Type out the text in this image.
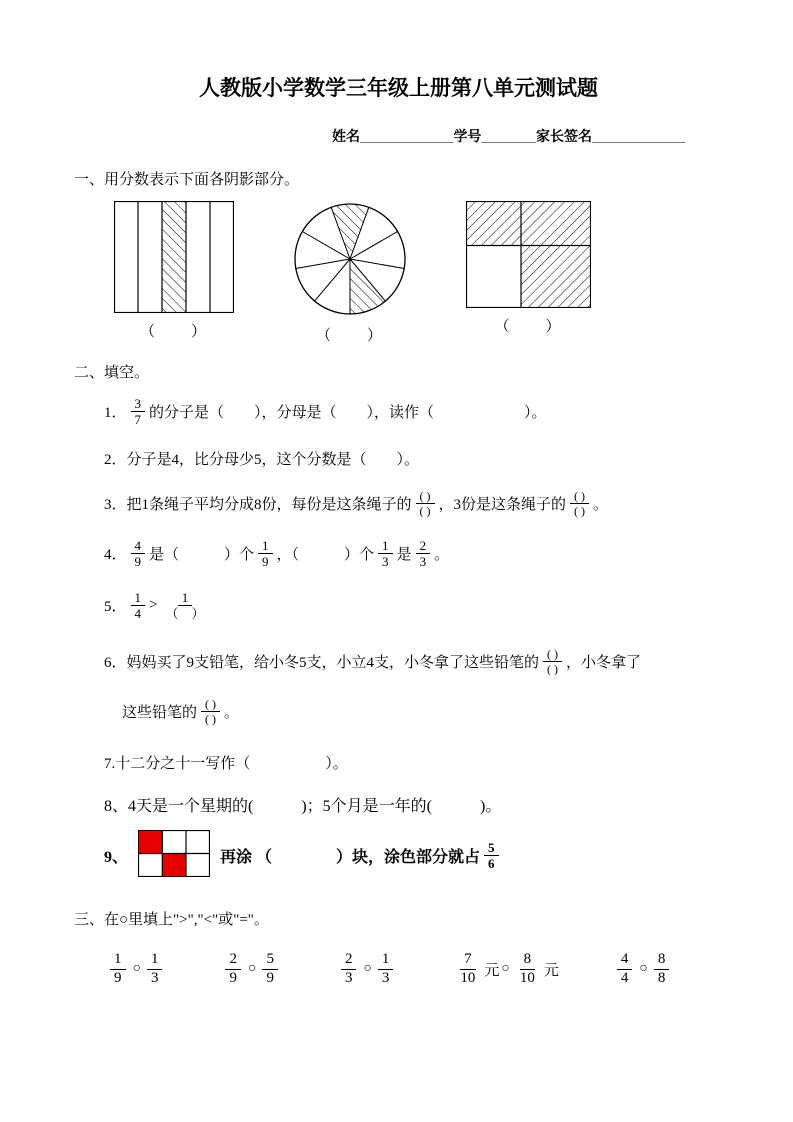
人教版小学数学三年级上册第八单元测试题
姓名____________学号_______家长签名____________
一、用分数表示下面各阴影部分。
（　　）	（　　）
（　　）
二、填空。
1． $\frac{3}{7}$ 的分子是（　　），分母是（　　），读作（　　　　　　）。
2．分子是4，比分母少5，这个分数是（　　）。
3．把1条绳子平均分成8份，每份是这条绳子的 $\frac{( )}{( )}$ ，3份是这条绳子的 $\frac{( )}{( )}$ 。
4． $\frac{4}{9}$ 是（　　　）个 $\frac{1}{9}$ ，（　　　）个 $\frac{1}{3}$ 是 $\frac{2}{3}$ 。
5． $\frac{1}{4} > \frac{1}{( )}$
6．妈妈买了9支铅笔，给小冬5支，小立4支，小冬拿了这些铅笔的 $\frac{( )}{( )}$ ，小冬拿了
这些铅笔的 $\frac{( )}{( )}$ 。
7.十二分之十一写作（　　　　　）。
8、4天是一个星期的(　　　)；5个月是一年的(　　　)。
9、	再涂 （　　　　）块，涂色部分就占 $\frac{5}{6}$
三、在○里填上">","<"或"="。
$\frac{1}{9}$ ○ $\frac{1}{3}$	$\frac{2}{9}$ ○ $\frac{5}{9}$	$\frac{2}{3}$ ○ $\frac{1}{3}$	$\frac{7}{10}$ 元 ○ $\frac{8}{10}$ 元	$\frac{4}{4}$ ○ $\frac{8}{8}$
